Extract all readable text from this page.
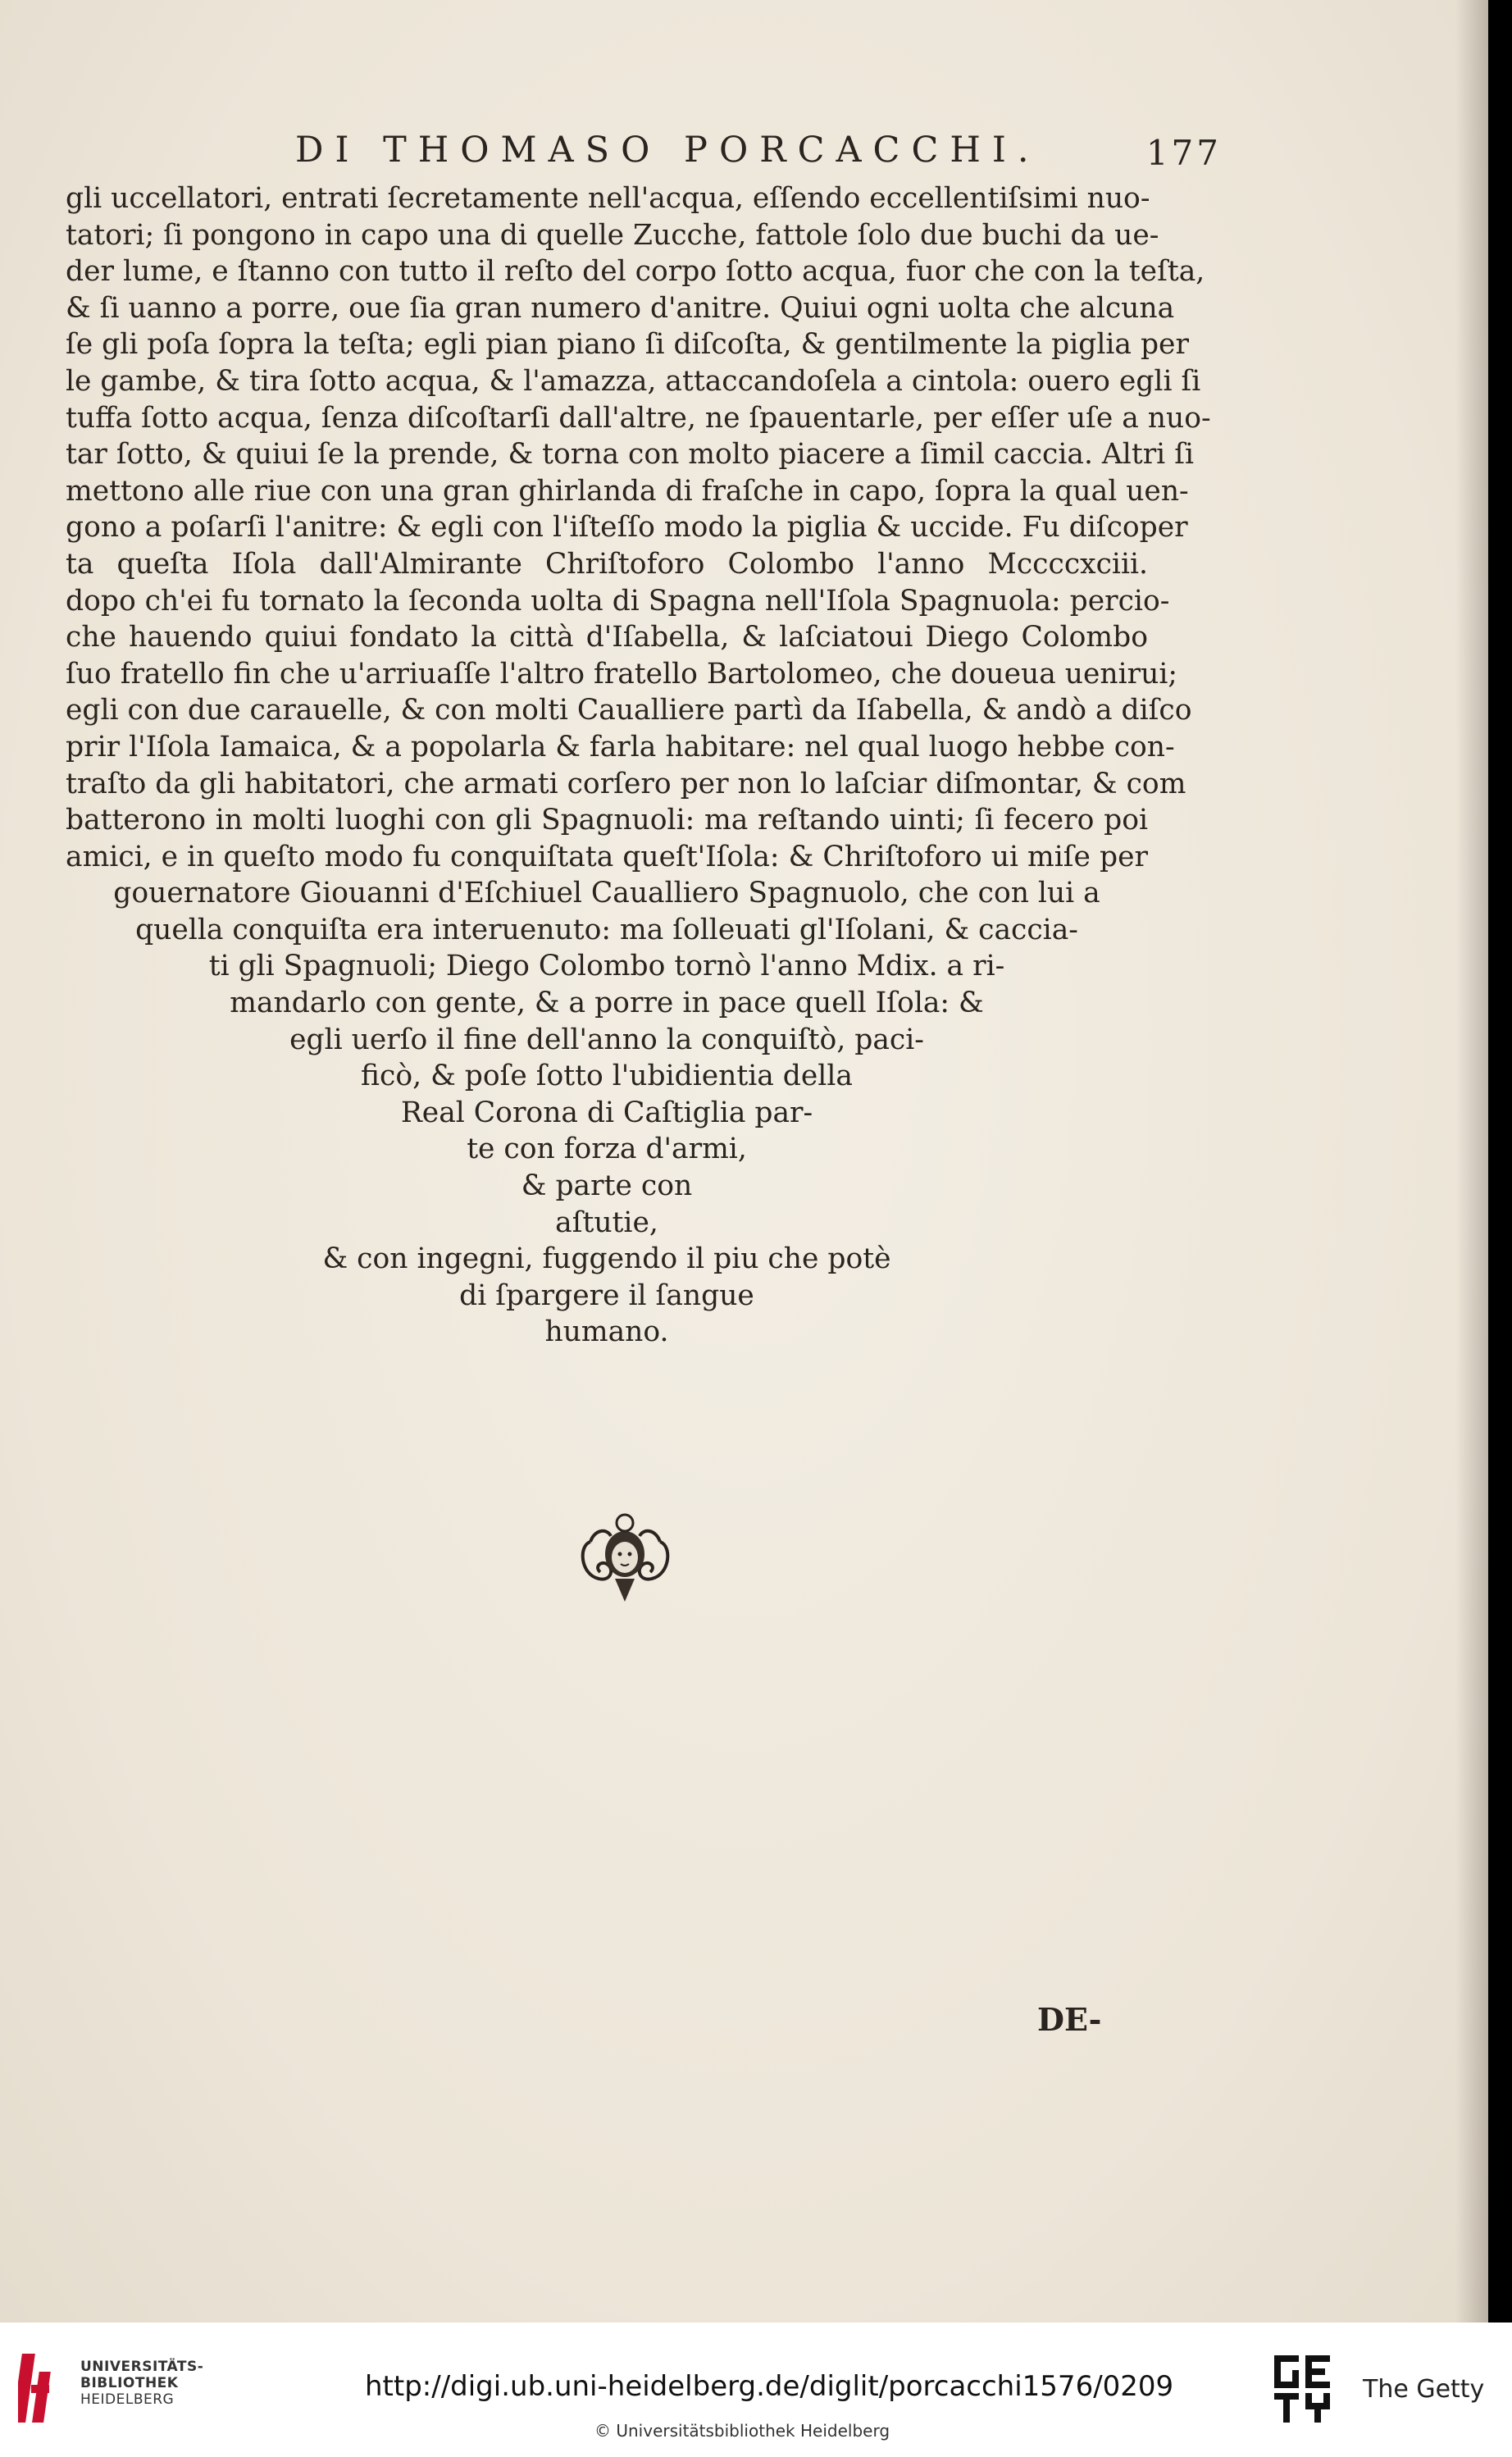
DI THOMASO PORCACCHI.	177
gli uccellatori, entrati ſecretamente nell'acqua, eſſendo eccellentiſsimi nuo-
tatori; ſi pongono in capo una di quelle Zucche, fattole ſolo due buchi da ue-
der lume, e ſtanno con tutto il reſto del corpo ſotto acqua, fuor che con la teſta,
& ſi uanno a porre, oue ſia gran numero d'anitre. Quiui ogni uolta che alcuna
ſe gli poſa ſopra la teſta; egli pian piano ſi diſcoſta, & gentilmente la piglia per
le gambe, & tira ſotto acqua, & l'amazza, attaccandoſela a cintola: ouero egli ſi
tuffa ſotto acqua, ſenza diſcoſtarſi dall'altre, ne ſpauentarle, per eſſer uſe a nuo-
tar ſotto, & quiui ſe la prende, & torna con molto piacere a ſimil caccia. Altri ſi
mettono alle riue con una gran ghirlanda di fraſche in capo, ſopra la qual uen-
gono a poſarſi l'anitre: & egli con l'iſteſſo modo la piglia & uccide. Fu diſcoper
ta queſta Iſola dall'Almirante Chriſtoforo Colombo l'anno Mccccxciii.
dopo ch'ei fu tornato la ſeconda uolta di Spagna nell'Iſola Spagnuola: percio-
che hauendo quiui fondato la città d'Iſabella, & laſciatoui Diego Colombo
ſuo fratello fin che u'arriuaſſe l'altro fratello Bartolomeo, che doueua uenirui;
egli con due carauelle, & con molti Caualliere partì da Iſabella, & andò a diſco
prir l'Iſola Iamaica, & a popolarla & farla habitare: nel qual luogo hebbe con-
traſto da gli habitatori, che armati corſero per non lo laſciar diſmontar, & com
batterono in molti luoghi con gli Spagnuoli: ma reſtando uinti; ſi fecero poi
amici, e in queſto modo fu conquiſtata queſt'Iſola: & Chriſtoforo ui miſe per
gouernatore Giouanni d'Eſchiuel Caualliero Spagnuolo, che con lui a
quella conquiſta era interuenuto: ma ſolleuati gl'Iſolani, & caccia-
ti gli Spagnuoli; Diego Colombo tornò l'anno Mdix. a ri-
mandarlo con gente, & a porre in pace quell Iſola: &
egli uerſo il fine dell'anno la conquiſtò, paci-
ficò, & poſe ſotto l'ubidientia della
Real Corona di Caſtiglia par-
te con forza d'armi,
& parte con
aſtutie,
& con ingegni, fuggendo il piu che potè
di ſpargere il ſangue
humano.
DE-
UNIVERSITÄTS-
BIBLIOTHEK
HEIDELBERG	http://digi.ub.uni-heidelberg.de/diglit/porcacchi1576/0209
© Universitätsbibliothek Heidelberg
The Getty
